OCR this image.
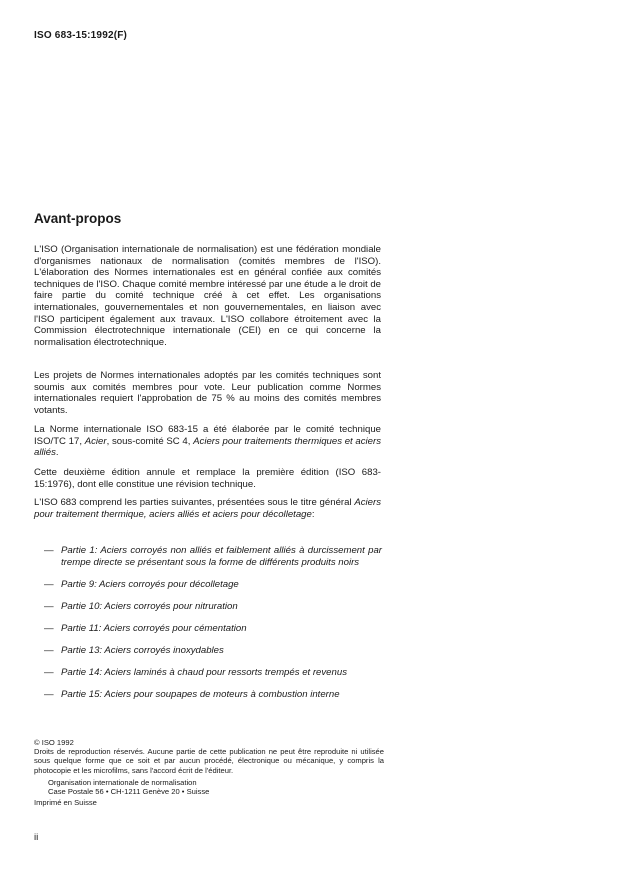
ISO 683-15:1992(F)
Avant-propos
L'ISO (Organisation internationale de normalisation) est une fédération mondiale d'organismes nationaux de normalisation (comités membres de l'ISO). L'élaboration des Normes internationales est en général confiée aux comités techniques de l'ISO. Chaque comité membre intéressé par une étude a le droit de faire partie du comité technique créé à cet effet. Les organisations internationales, gouvernementales et non gouvernementales, en liaison avec l'ISO participent également aux travaux. L'ISO collabore étroitement avec la Commission électrotechnique internationale (CEI) en ce qui concerne la normalisation électrotechnique.
Les projets de Normes internationales adoptés par les comités techniques sont soumis aux comités membres pour vote. Leur publication comme Normes internationales requiert l'approbation de 75 % au moins des comités membres votants.
La Norme internationale ISO 683-15 a été élaborée par le comité technique ISO/TC 17, Acier, sous-comité SC 4, Aciers pour traitements thermiques et aciers alliés.
Cette deuxième édition annule et remplace la première édition (ISO 683-15:1976), dont elle constitue une révision technique.
L'ISO 683 comprend les parties suivantes, présentées sous le titre général Aciers pour traitement thermique, aciers alliés et aciers pour décolletage:
— Partie 1: Aciers corroyés non alliés et faiblement alliés à durcissement par trempe directe se présentant sous la forme de différents produits noirs
— Partie 9: Aciers corroyés pour décolletage
— Partie 10: Aciers corroyés pour nitruration
— Partie 11: Aciers corroyés pour cémentation
— Partie 13: Aciers corroyés inoxydables
— Partie 14: Aciers laminés à chaud pour ressorts trempés et revenus
— Partie 15: Aciers pour soupapes de moteurs à combustion interne
© ISO 1992
Droits de reproduction réservés. Aucune partie de cette publication ne peut être reproduite ni utilisée sous quelque forme que ce soit et par aucun procédé, électronique ou mécanique, y compris la photocopie et les microfilms, sans l'accord écrit de l'éditeur.
Organisation internationale de normalisation
Case Postale 56 • CH-1211 Genève 20 • Suisse
Imprimé en Suisse
ii
